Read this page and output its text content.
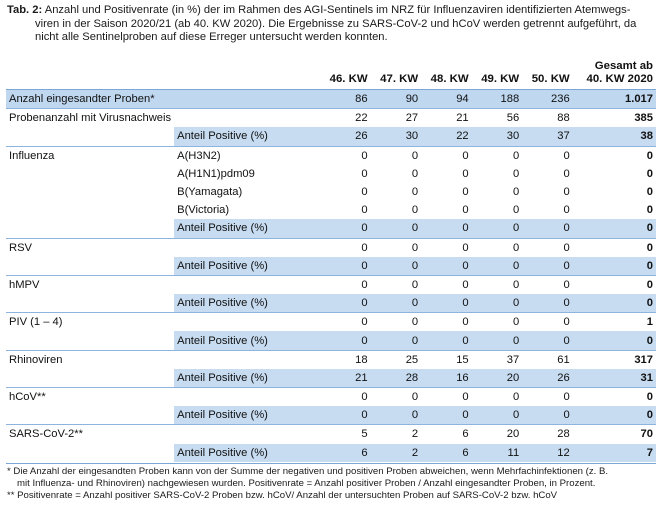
Tab. 2: Anzahl und Positivenrate (in %) der im Rahmen des AGI-Sentinels im NRZ für Influenzaviren identifizierten Atemwegs-
viren in der Saison 2020/21 (ab 40. KW 2020). Die Ergebnisse zu SARS-CoV-2 und hCoV werden getrennt aufgeführt, da
nicht alle Sentinelproben auf diese Erreger untersucht werden konnten.
		46. KW	47. KW	48. KW	49. KW	50. KW	Gesamt ab
40. KW 2020
Anzahl eingesandter Proben*		86	90	94	188	236	1.017
Probenanzahl mit Virusnachweis		22	27	21	56	88	385
	Anteil Positive (%)	26	30	22	30	37	38
Influenza	A(H3N2)	0	0	0	0	0	0
	A(H1N1)pdm09	0	0	0	0	0	0
	B(Yamagata)	0	0	0	0	0	0
	B(Victoria)	0	0	0	0	0	0
	Anteil Positive (%)	0	0	0	0	0	0
RSV		0	0	0	0	0	0
	Anteil Positive (%)	0	0	0	0	0	0
hMPV		0	0	0	0	0	0
	Anteil Positive (%)	0	0	0	0	0	0
PIV (1 – 4)		0	0	0	0	0	1
	Anteil Positive (%)	0	0	0	0	0	0
Rhinoviren		18	25	15	37	61	317
	Anteil Positive (%)	21	28	16	20	26	31
hCoV**		0	0	0	0	0	0
	Anteil Positive (%)	0	0	0	0	0	0
SARS-CoV-2**		5	2	6	20	28	70
	Anteil Positive (%)	6	2	6	11	12	7
* Die Anzahl der eingesandten Proben kann von der Summe der negativen und positiven Proben abweichen, wenn Mehrfachinfektionen (z. B.

mit Influenza- und Rhinoviren) nachgewiesen wurden. Positivenrate = Anzahl positiver Proben / Anzahl eingesandter Proben, in Prozent.
** Positivenrate = Anzahl positiver SARS-CoV-2 Proben bzw. hCoV/ Anzahl der untersuchten Proben auf SARS-CoV-2 bzw. hCoV
